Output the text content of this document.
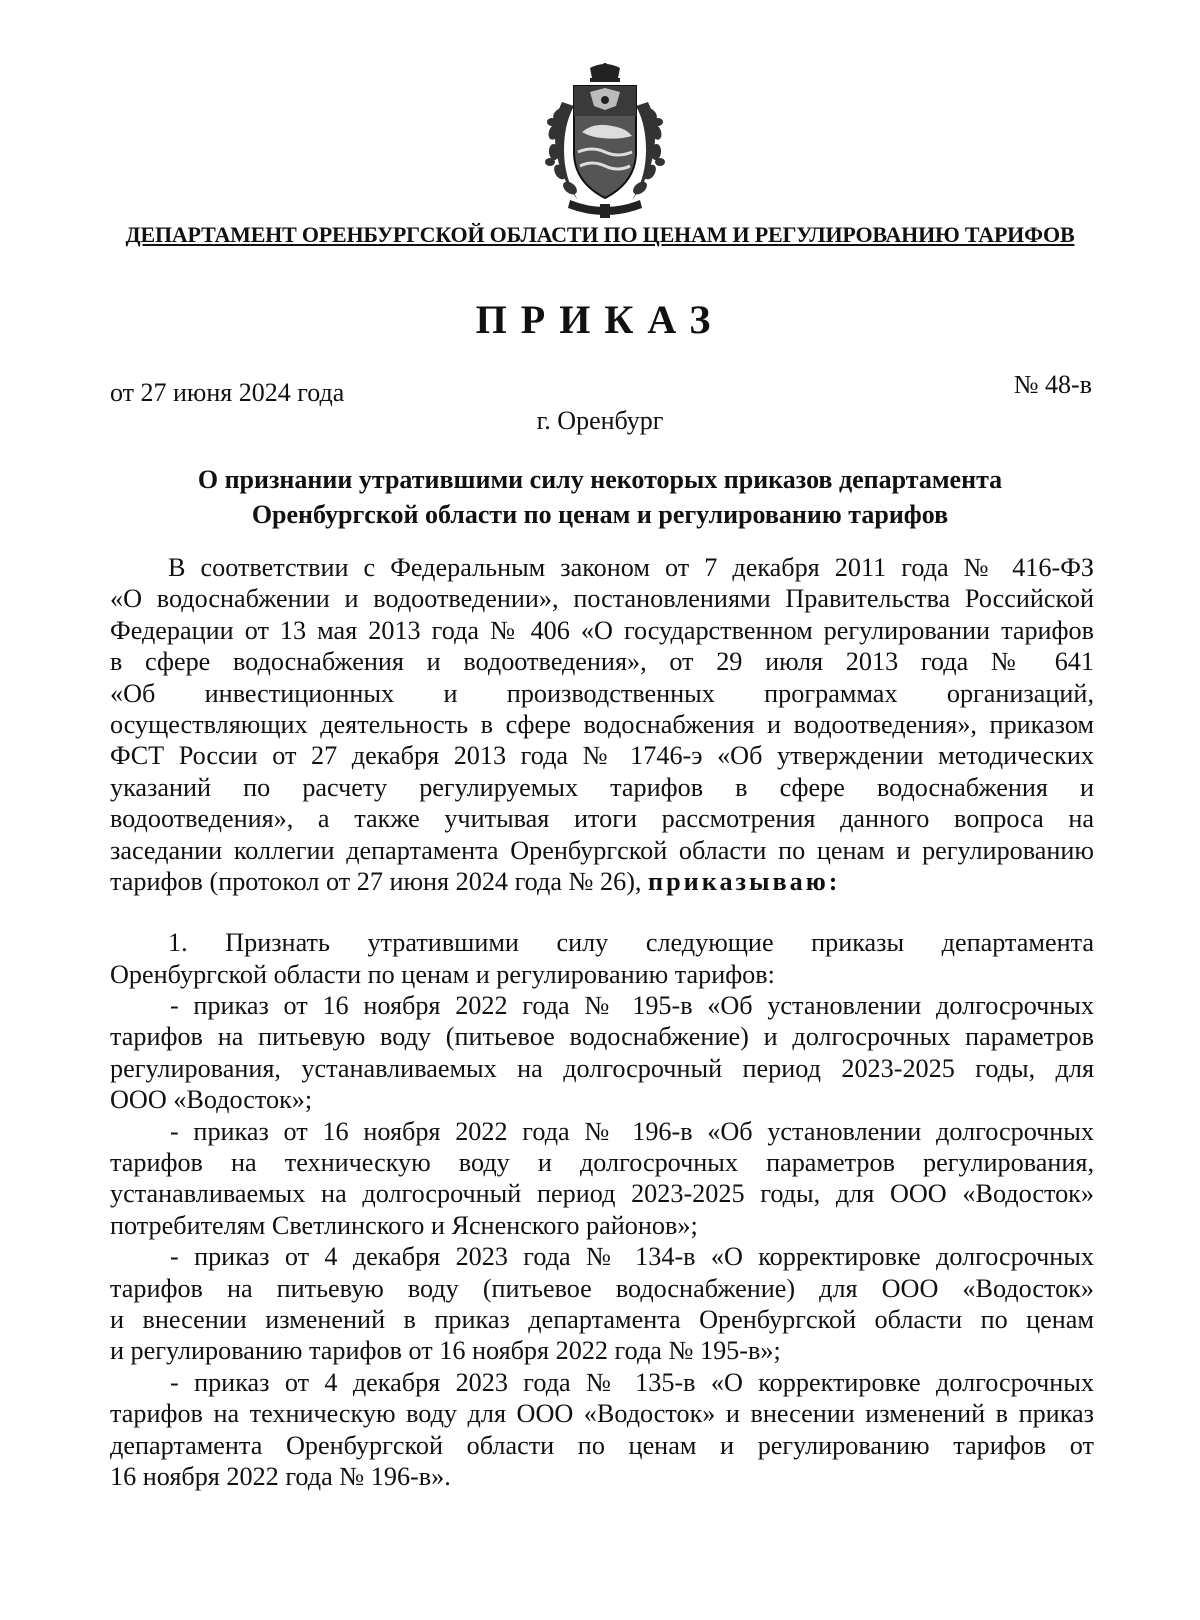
ДЕПАРТАМЕНТ ОРЕНБУРГСКОЙ ОБЛАСТИ ПО ЦЕНАМ И РЕГУЛИРОВАНИЮ ТАРИФОВ
ПРИКАЗ
от 27 июня 2024 года	№ 48-в
г. Оренбург
О признании утратившими силу некоторых приказов департамента
Оренбургской области по ценам и регулированию тарифов
В соответствии с Федеральным законом от 7 декабря 2011 года № 416-ФЗ
«О водоснабжении и водоотведении», постановлениями Правительства Российской
Федерации от 13 мая 2013 года № 406 «О государственном регулировании тарифов
в сфере водоснабжения и водоотведения», от 29 июля 2013 года № 641
«Об инвестиционных и производственных программах организаций,
осуществляющих деятельность в сфере водоснабжения и водоотведения», приказом
ФСТ России от 27 декабря 2013 года № 1746-э «Об утверждении методических
указаний по расчету регулируемых тарифов в сфере водоснабжения и
водоотведения», а также учитывая итоги рассмотрения данного вопроса на
заседании коллегии департамента Оренбургской области по ценам и регулированию
тарифов (протокол от 27 июня 2024 года № 26), приказываю:
1. Признать утратившими силу следующие приказы департамента
Оренбургской области по ценам и регулированию тарифов:
- приказ от 16 ноября 2022 года № 195-в «Об установлении долгосрочных
тарифов на питьевую воду (питьевое водоснабжение) и долгосрочных параметров
регулирования, устанавливаемых на долгосрочный период 2023-2025 годы, для
ООО «Водосток»;
- приказ от 16 ноября 2022 года № 196-в «Об установлении долгосрочных
тарифов на техническую воду и долгосрочных параметров регулирования,
устанавливаемых на долгосрочный период 2023-2025 годы, для ООО «Водосток»
потребителям Светлинского и Ясненского районов»;
- приказ от 4 декабря 2023 года № 134-в «О корректировке долгосрочных
тарифов на питьевую воду (питьевое водоснабжение) для ООО «Водосток»
и внесении изменений в приказ департамента Оренбургской области по ценам
и регулированию тарифов от 16 ноября 2022 года № 195-в»;
- приказ от 4 декабря 2023 года № 135-в «О корректировке долгосрочных
тарифов на техническую воду для ООО «Водосток» и внесении изменений в приказ
департамента Оренбургской области по ценам и регулированию тарифов от
16 ноября 2022 года № 196-в».
